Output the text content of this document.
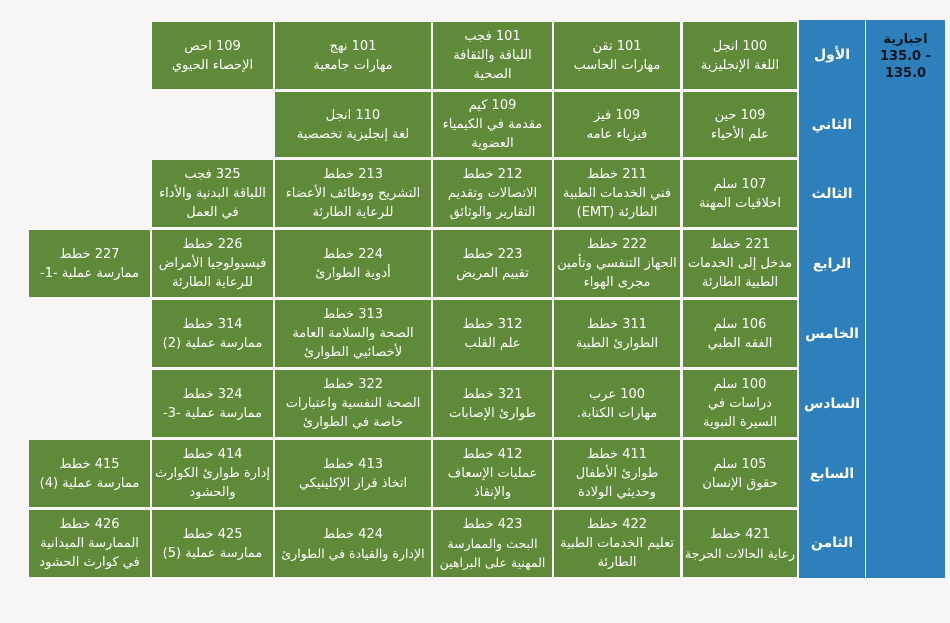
اجبارية
135.0 -
135.0
الأول
الثاني
الثالث
الرابع
الخامس
السادس
السابع
الثامن
100 انجل
اللغة الإنجليزية
101 تقن
مهارات الحاسب
101 فجب
اللياقة والثقافة الصحية
101 نهج
مهارات جامعية
109 احص
الإحصاء الحيوي
109 حين
علم الأحياء
109 فيز
فيزياء عامه
109 كيم
مقدمة في الكيمياء العضوية
110 انجل
لغة إنجليزية تخصصية
107 سلم
اخلاقيات المهنة
211 خطط
فني الخدمات الطبية الطارئة (EMT)
212 خطط
الاتصالات وتقديم التقارير والوثائق
213 خطط
التشريح ووظائف الأعضاء للرعاية الطارئة
325 فجب
اللياقة البدنية والأداء في العمل
221 خطط
مدخل إلى الخدمات الطبية الطارئة
222 خطط
الجهاز التنفسي وتأمين مجرى الهواء
223 خطط
تقييم المريض
224 خطط
أدوية الطوارئ
226 خطط
فيسيولوجيا الأمراض للرعاية الطارئة
227 خطط
ممارسة عملية -1-
106 سلم
الفقه الطبي
311 خطط
الطوارئ الطبية
312 خطط
علم القلب
313 خطط
الصحة والسلامة العامة لأخصائيي الطوارئ
314 خطط
ممارسة عملية (2)
100 سلم
دراسات في السيرة النبوية
100 عرب
مهارات الكتابة.
321 خطط
طوارئ الإصابات
322 خطط
الصحة النفسية واعتبارات خاصة في الطوارئ
324 خطط
ممارسة عملية -3-
105 سلم
حقوق الإنسان
411 خطط
طوارئ الأطفال وحديثي الولادة
412 خطط
عمليات الإسعاف والإنقاذ
413 خطط
اتخاذ قرار الإكلينيكي
414 خطط
إدارة طوارئ الكوارث والحشود
415 خطط
ممارسة عملية (4)
421 خطط
رعاية الحالات الحرجة
422 خطط
تعليم الخدمات الطبية الطارئة
423 خطط
البحث والممارسة المهنية على البراهين
424 خطط
الإدارة والقيادة في الطوارئ
425 خطط
ممارسة عملية (5)
426 خطط
الممارسة الميدانية في كوارث الحشود
